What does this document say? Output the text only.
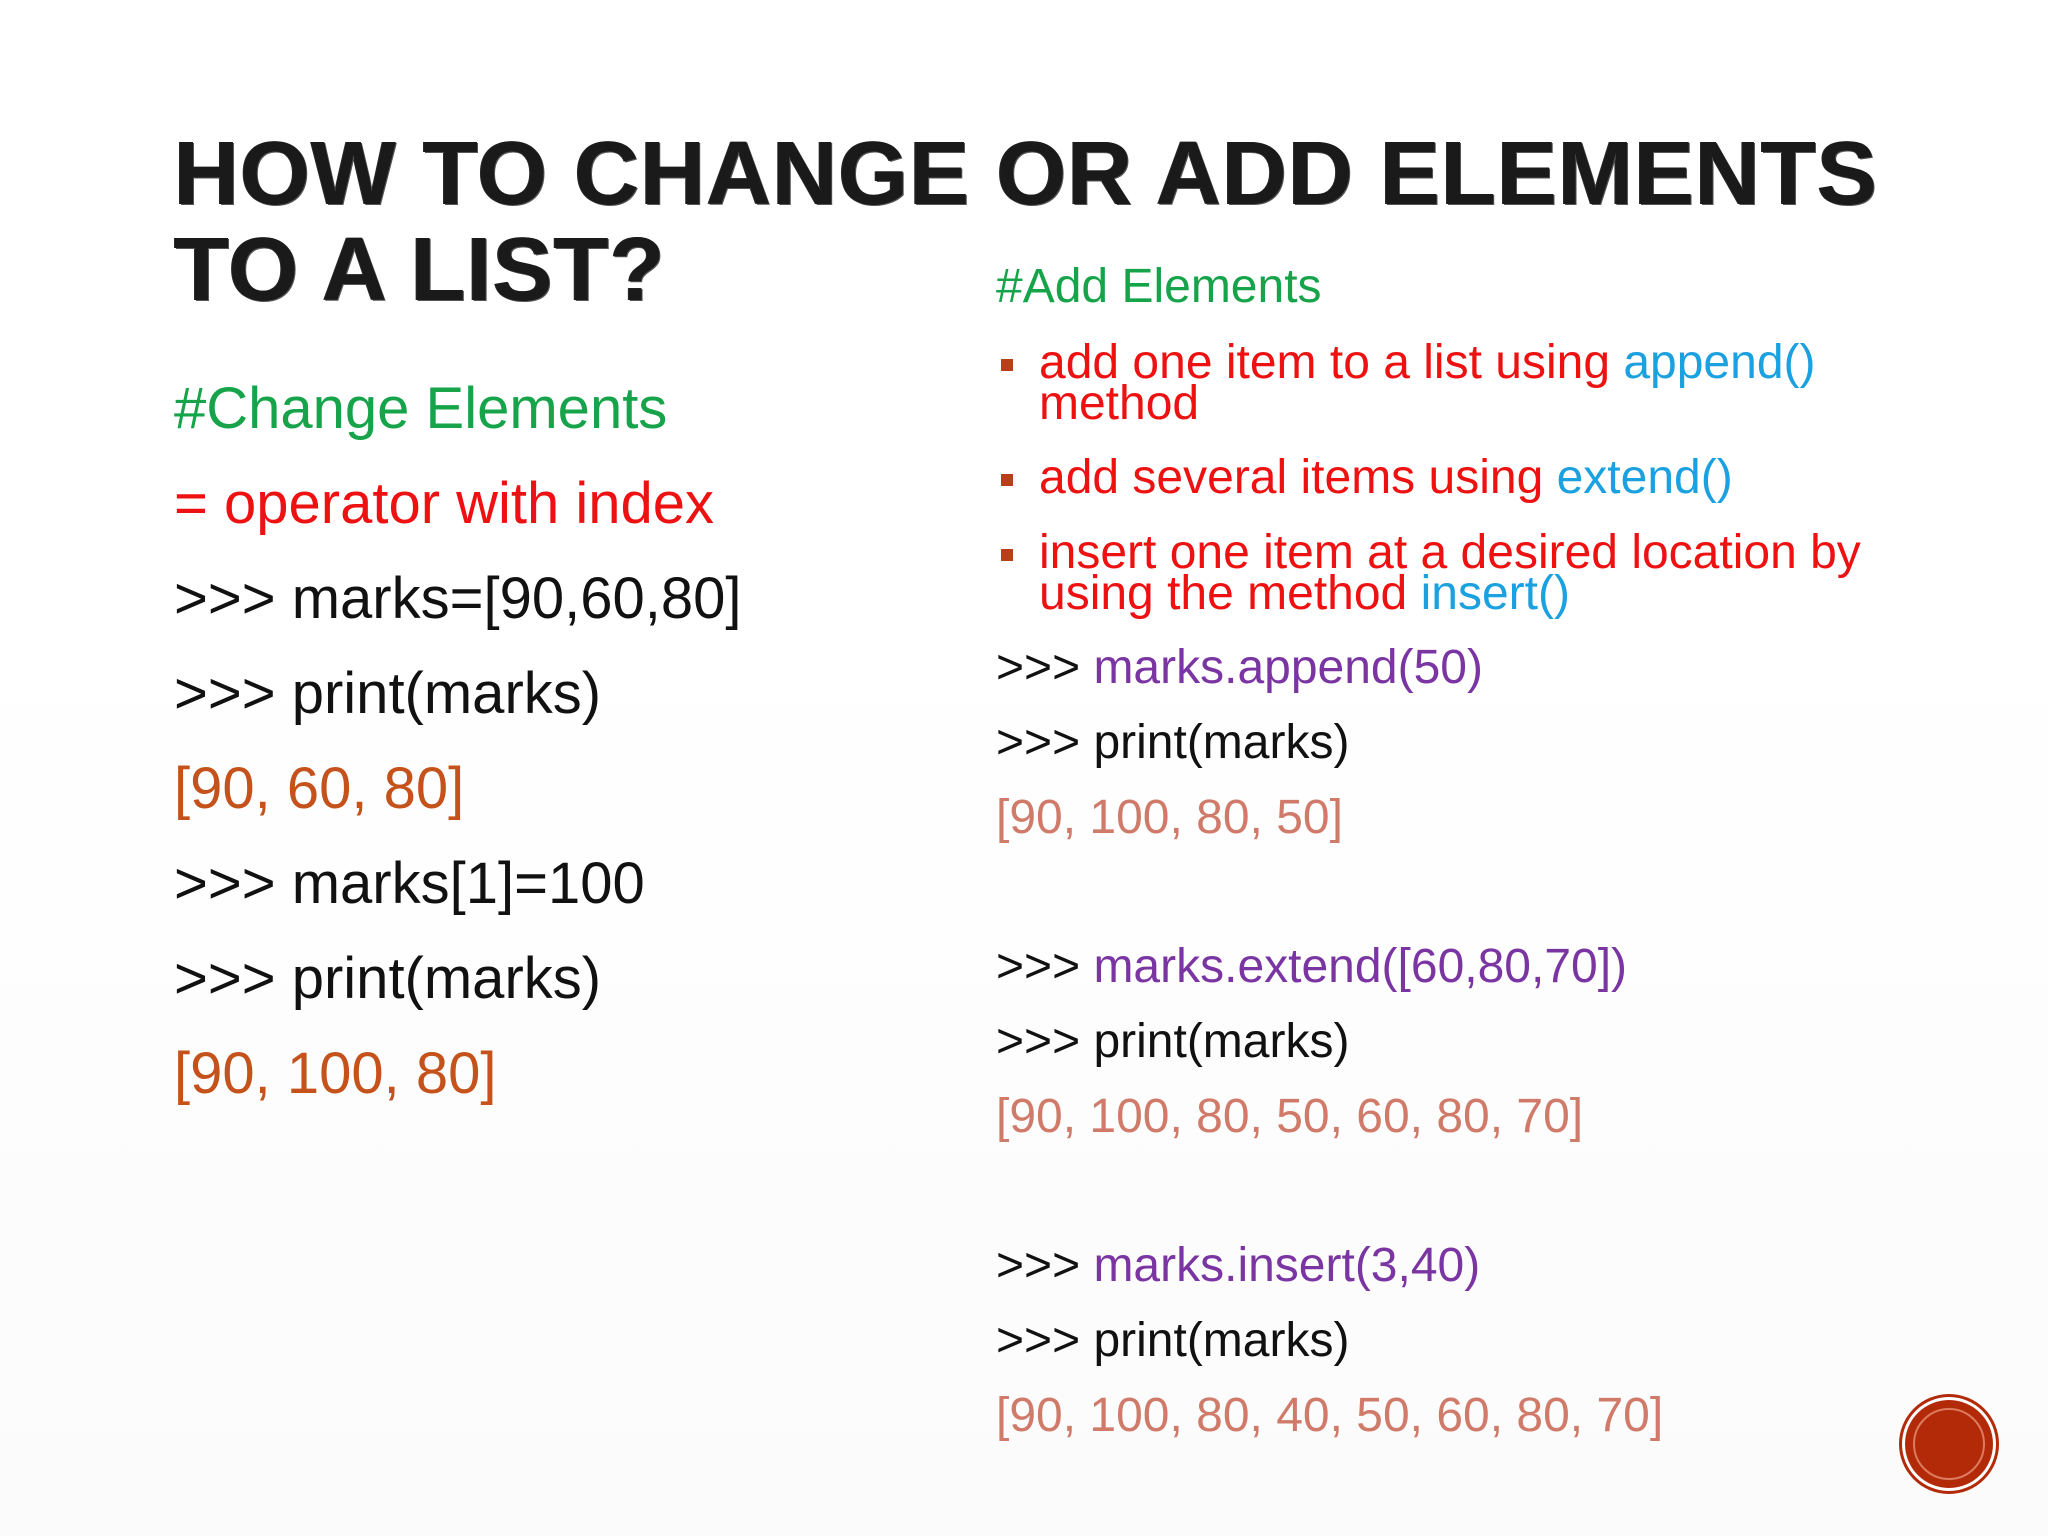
HOW TO CHANGE OR ADD ELEMENTS
TO A LIST?
#Change Elements
= operator with index
>>> marks=[90,60,80]
>>> print(marks)
[90, 60, 80]
>>> marks[1]=100
>>> print(marks)
[90, 100, 80]
#Add Elements
add one item to a list using append() method
add several items using extend()
insert one item at a desired location by using the method insert()
>>> marks.append(50)
>>> print(marks)
[90, 100, 80, 50]
>>> marks.extend([60,80,70])
>>> print(marks)
[90, 100, 80, 50, 60, 80, 70]
>>> marks.insert(3,40)
>>> print(marks)
[90, 100, 80, 40, 50, 60, 80, 70]
